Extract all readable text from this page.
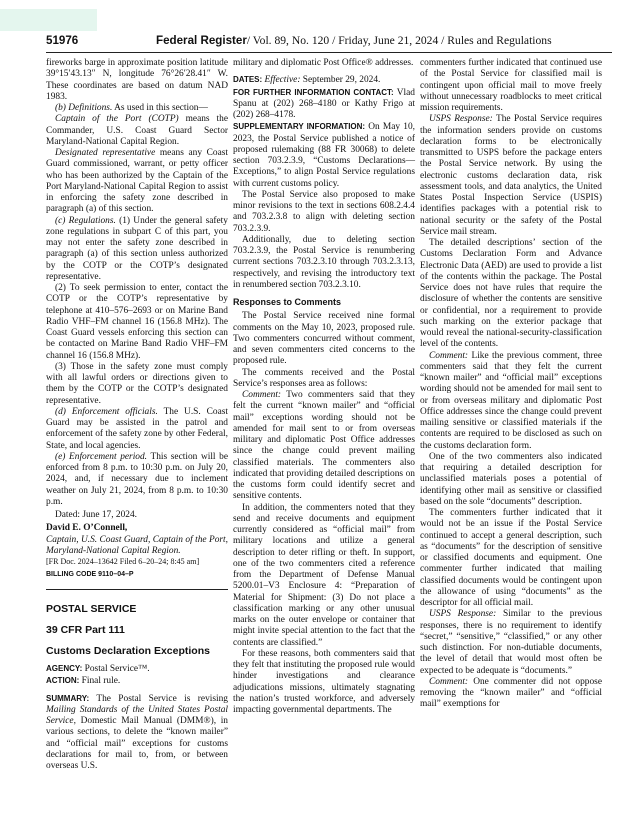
51976	Federal Register/ Vol. 89, No. 120 / Friday, June 21, 2024 / Rules and Regulations

fireworks barge in approximate position latitude 39°15′43.13″ N, longitude 76°26′28.41″ W. These coordinates are based on datum NAD 1983.

(b) Definitions. As used in this section—

Captain of the Port (COTP) means the Commander, U.S. Coast Guard Sector Maryland-National Capital Region.

Designated representative means any Coast Guard commissioned, warrant, or petty officer who has been authorized by the Captain of the Port Maryland-National Capital Region to assist in enforcing the safety zone described in paragraph (a) of this section.

(c) Regulations. (1) Under the general safety zone regulations in subpart C of this part, you may not enter the safety zone described in paragraph (a) of this section unless authorized by the COTP or the COTP’s designated representative.

(2) To seek permission to enter, contact the COTP or the COTP’s representative by telephone at 410–576–2693 or on Marine Band Radio VHF–FM channel 16 (156.8 MHz). The Coast Guard vessels enforcing this section can be contacted on Marine Band Radio VHF–FM channel 16 (156.8 MHz).

(3) Those in the safety zone must comply with all lawful orders or directions given to them by the COTP or the COTP’s designated representative.

(d) Enforcement officials. The U.S. Coast Guard may be assisted in the patrol and enforcement of the safety zone by other Federal, State, and local agencies.

(e) Enforcement period. This section will be enforced from 8 p.m. to 10:30 p.m. on July 20, 2024, and, if necessary due to inclement weather on July 21, 2024, from 8 p.m. to 10:30 p.m.

Dated: June 17, 2024.

David E. O’Connell,

Captain, U.S. Coast Guard, Captain of the Port, Maryland-National Capital Region.

[FR Doc. 2024–13642 Filed 6–20–24; 8:45 am]

BILLING CODE 9110–04–P

POSTAL SERVICE

39 CFR Part 111

Customs Declaration Exceptions

AGENCY: Postal Service™.

ACTION: Final rule.

SUMMARY: The Postal Service is revising Mailing Standards of the United States Postal Service, Domestic Mail Manual (DMM®), in various sections, to delete the “known mailer” and “official mail” exceptions for customs declarations for mail to, from, or between overseas U.S.

military and diplomatic Post Office® addresses.

DATES: Effective: September 29, 2024.

FOR FURTHER INFORMATION CONTACT: Vlad Spanu at (202) 268–4180 or Kathy Frigo at (202) 268–4178.

SUPPLEMENTARY INFORMATION: On May 10, 2023, the Postal Service published a notice of proposed rulemaking (88 FR 30068) to delete section 703.2.3.9, “Customs Declarations—Exceptions,” to align Postal Service regulations with current customs policy.

The Postal Service also proposed to make minor revisions to the text in sections 608.2.4.4 and 703.2.3.8 to align with deleting section 703.2.3.9.

Additionally, due to deleting section 703.2.3.9, the Postal Service is renumbering current sections 703.2.3.10 through 703.2.3.13, respectively, and revising the introductory text in renumbered section 703.2.3.10.

Responses to Comments

The Postal Service received nine formal comments on the May 10, 2023, proposed rule. Two commenters concurred without comment, and seven commenters cited concerns to the proposed rule.

The comments received and the Postal Service’s responses area as follows:

Comment: Two commenters said that they felt the current “known mailer” and “official mail” exceptions wording should not be amended for mail sent to or from overseas military and diplomatic Post Office addresses since the change could prevent mailing classified materials. The commenters also indicated that providing detailed descriptions on the customs form could identify secret and sensitive contents.

In addition, the commenters noted that they send and receive documents and equipment currently considered as “official mail” from military locations and utilize a general description to deter rifling or theft. In support, one of the two commenters cited a reference from the Department of Defense Manual 5200.01–V3 Enclosure 4: “Preparation of Material for Shipment: (3) Do not place a classification marking or any other unusual marks on the outer envelope or container that might invite special attention to the fact that the contents are classified.”

For these reasons, both commenters said that they felt that instituting the proposed rule would hinder investigations and clearance adjudications missions, ultimately stagnating the nation’s trusted workforce, and adversely impacting governmental departments. The

commenters further indicated that continued use of the Postal Service for classified mail is contingent upon official mail to move freely without unnecessary roadblocks to meet critical mission requirements.

USPS Response: The Postal Service requires the information senders provide on customs declaration forms to be electronically transmitted to USPS before the package enters the Postal Service network. By using the electronic customs declaration data, risk assessment tools, and data analytics, the United States Postal Inspection Service (USPIS) identifies packages with a potential risk to national security or the safety of the Postal Service mail stream.

The detailed descriptions’ section of the Customs Declaration Form and Advance Electronic Data (AED) are used to provide a list of the contents within the package. The Postal Service does not have rules that require the disclosure of whether the contents are sensitive or confidential, nor a requirement to provide such marking on the exterior package that would reveal the national-security-classification level of the contents.

Comment: Like the previous comment, three commenters said that they felt the current “known mailer” and “official mail” exceptions wording should not be amended for mail sent to or from overseas military and diplomatic Post Office addresses since the change could prevent mailing sensitive or classified materials if the contents are required to be disclosed as such on the customs declaration form.

One of the two commenters also indicated that requiring a detailed description for unclassified materials poses a potential of identifying other mail as sensitive or classified based on the sole “documents” description.

The commenters further indicated that it would not be an issue if the Postal Service continued to accept a general description, such as “documents” for the description of sensitive or classified documents and equipment. One commenter further indicated that mailing classified documents would be contingent upon the allowance of using “documents” as the descriptor for all official mail.

USPS Response: Similar to the previous responses, there is no requirement to identify “secret,” “sensitive,” “classified,” or any other such distinction. For non-dutiable documents, the level of detail that would most often be expected to be adequate is “documents.”

Comment: One commenter did not oppose removing the “known mailer” and “official mail” exemptions for
